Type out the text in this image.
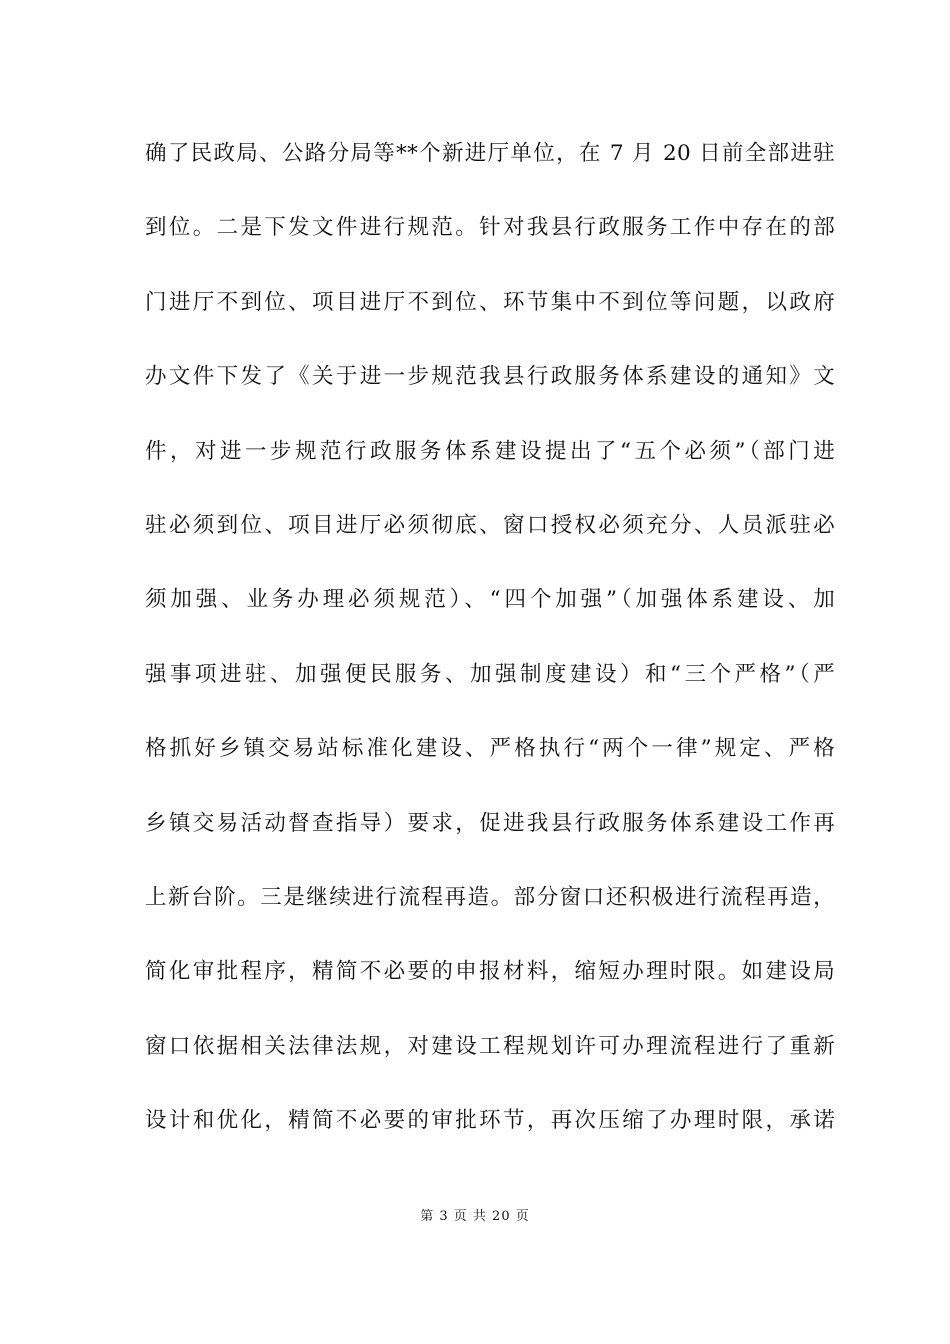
确了民政局、公路分局等**个新进厅单位，在 7 月 20 日前全部进驻
到位。二是下发文件进行规范。针对我县行政服务工作中存在的部
门进厅不到位、项目进厅不到位、环节集中不到位等问题，以政府
办文件下发了《关于进一步规范我县行政服务体系建设的通知》文
件，对进一步规范行政服务体系建设提出了“五个必须”（部门进
驻必须到位、项目进厅必须彻底、窗口授权必须充分、人员派驻必
须加强、业务办理必须规范）、“四个加强”（加强体系建设、加
强事项进驻、加强便民服务、加强制度建设）和“三个严格”（严
格抓好乡镇交易站标准化建设、严格执行“两个一律”规定、严格
乡镇交易活动督查指导）要求，促进我县行政服务体系建设工作再
上新台阶。三是继续进行流程再造。部分窗口还积极进行流程再造，
简化审批程序，精简不必要的申报材料，缩短办理时限。如建设局
窗口依据相关法律法规，对建设工程规划许可办理流程进行了重新
设计和优化，精简不必要的审批环节，再次压缩了办理时限，承诺
第 3 页 共 20 页
